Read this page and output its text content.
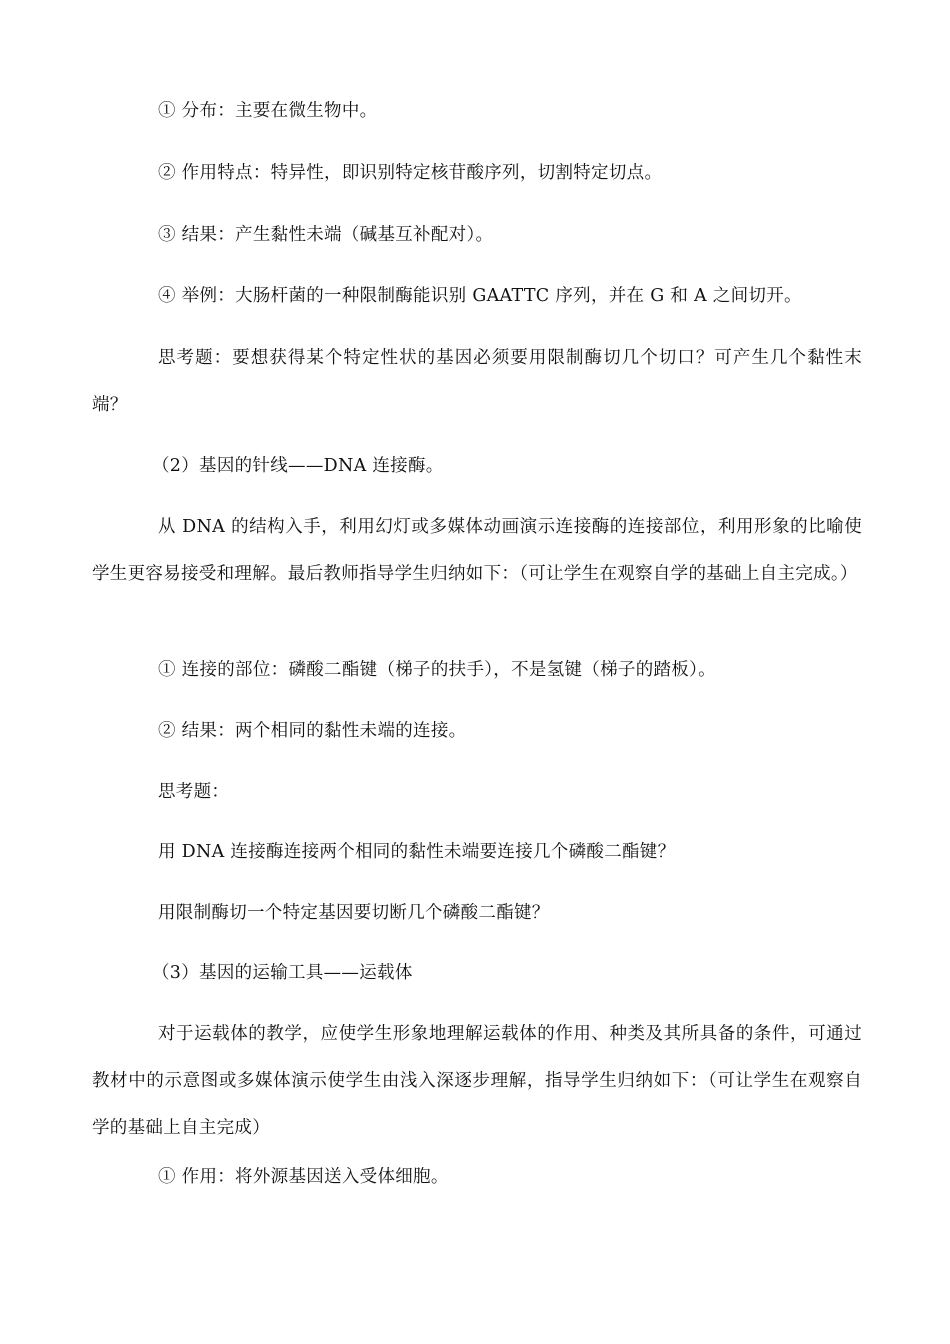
① 分布：主要在微生物中。

② 作用特点：特异性，即识别特定核苷酸序列，切割特定切点。

③ 结果：产生黏性未端（碱基互补配对）。

④ 举例：大肠杆菌的一种限制酶能识别 GAATTC 序列，并在 G 和 A 之间切开。

思考题：要想获得某个特定性状的基因必须要用限制酶切几个切口？可产生几个黏性末端？

（2）基因的针线——DNA 连接酶。

从 DNA 的结构入手，利用幻灯或多媒体动画演示连接酶的连接部位，利用形象的比喻使学生更容易接受和理解。最后教师指导学生归纳如下：（可让学生在观察自学的基础上自主完成。）

① 连接的部位：磷酸二酯键（梯子的扶手），不是氢键（梯子的踏板）。

② 结果：两个相同的黏性未端的连接。

思考题：

用 DNA 连接酶连接两个相同的黏性未端要连接几个磷酸二酯键？

用限制酶切一个特定基因要切断几个磷酸二酯键？

（3）基因的运输工具——运载体

对于运载体的教学，应使学生形象地理解运载体的作用、种类及其所具备的条件，可通过教材中的示意图或多媒体演示使学生由浅入深逐步理解，指导学生归纳如下：（可让学生在观察自学的基础上自主完成）

① 作用：将外源基因送入受体细胞。
